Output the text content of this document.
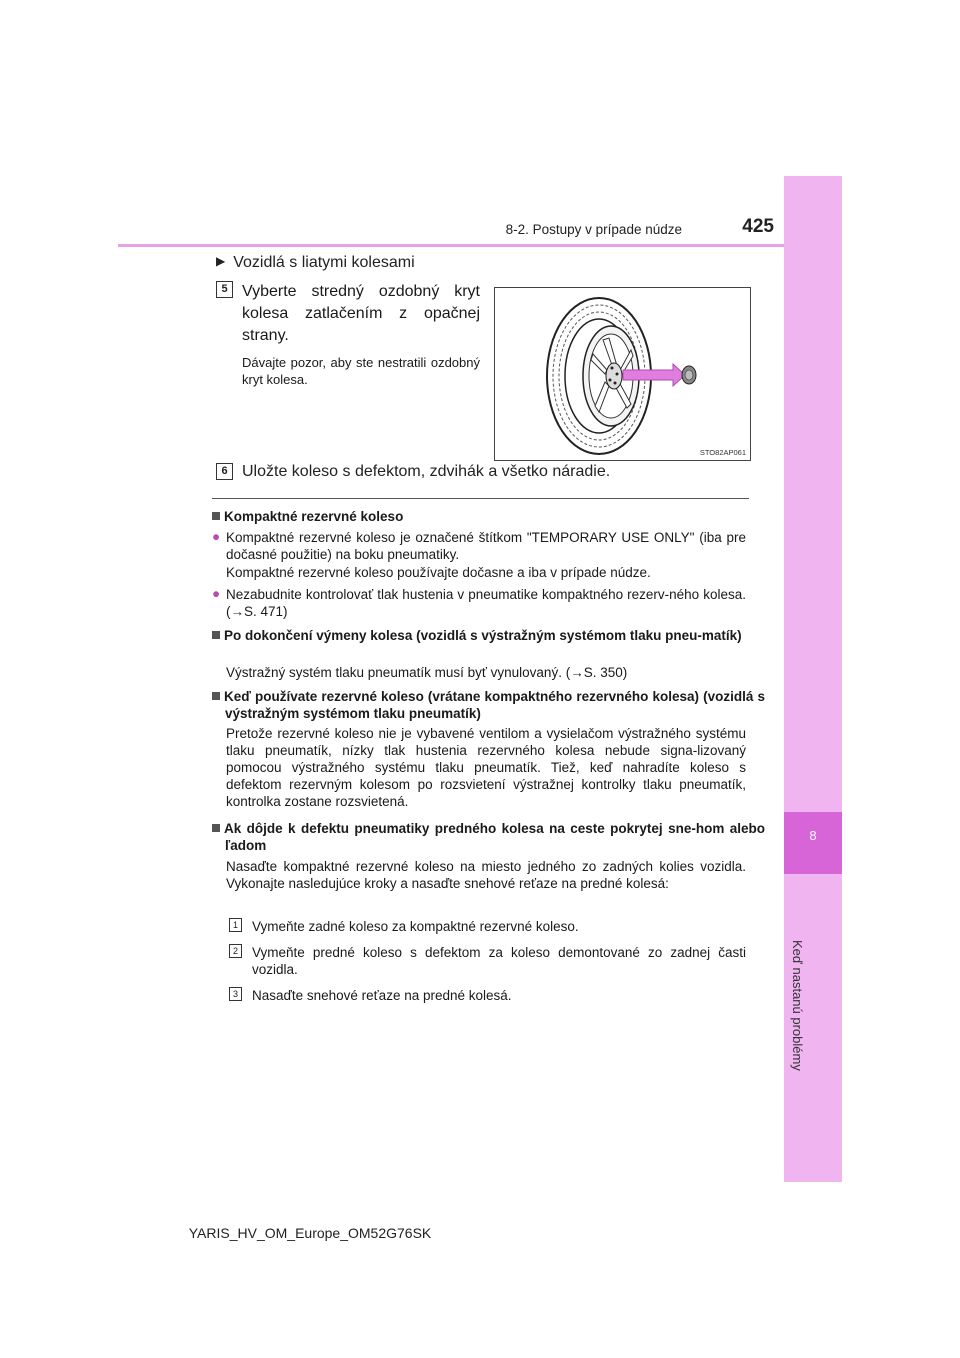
8
Keď nastanú problémy
8-2. Postupy v prípade núdze	425
▶ Vozidlá s liatymi kolesami
5 Vyberte stredný ozdobný kryt kolesa zatlačením z opačnej strany.
Dávajte pozor, aby ste nestratili ozdobný kryt kolesa.
STO82AP061
6 Uložte koleso s defektom, zdvihák a všetko náradie.
Kompaktné rezervné koleso
● Kompaktné rezervné koleso je označené štítkom "TEMPORARY USE ONLY" (iba pre dočasné použitie) na boku pneumatiky.
Kompaktné rezervné koleso používajte dočasne a iba v prípade núdze.
● Nezabudnite kontrolovať tlak hustenia v pneumatike kompaktného rezerv-ného kolesa. (→S. 471)
Po dokončení výmeny kolesa (vozidlá s výstražným systémom tlaku pneu-matík)
Výstražný systém tlaku pneumatík musí byť vynulovaný. (→S. 350)
Keď používate rezervné koleso (vrátane kompaktného rezervného kolesa) (vozidlá s výstražným systémom tlaku pneumatík)
Pretože rezervné koleso nie je vybavené ventilom a vysielačom výstražného systému tlaku pneumatík, nízky tlak hustenia rezervného kolesa nebude signa-lizovaný pomocou výstražného systému tlaku pneumatík. Tiež, keď nahradíte koleso s defektom rezervným kolesom po rozsvietení výstražnej kontrolky tlaku pneumatík, kontrolka zostane rozsvietená.
Ak dôjde k defektu pneumatiky predného kolesa na ceste pokrytej sne-hom alebo ľadom
Nasaďte kompaktné rezervné koleso na miesto jedného zo zadných kolies vozidla. Vykonajte nasledujúce kroky a nasaďte snehové reťaze na predné kolesá:
1 Vymeňte zadné koleso za kompaktné rezervné koleso.
2 Vymeňte predné koleso s defektom za koleso demontované zo zadnej časti vozidla.
3 Nasaďte snehové reťaze na predné kolesá.
YARIS_HV_OM_Europe_OM52G76SK
